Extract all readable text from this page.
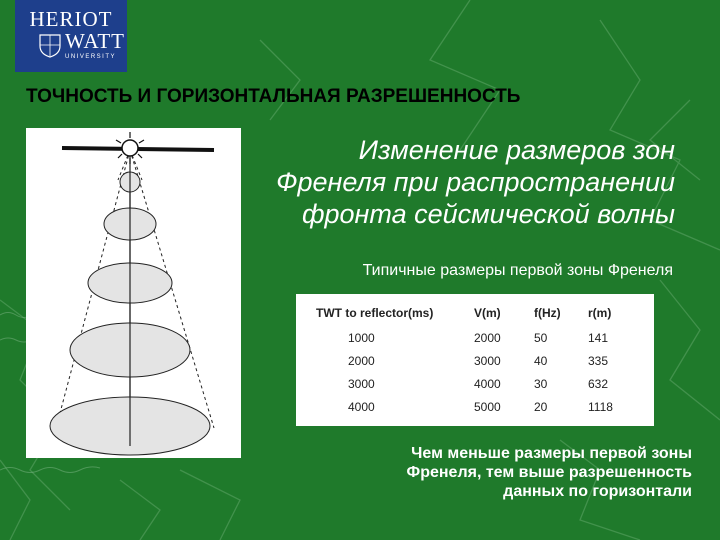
HERIOT
WATT
UNIVERSITY
ТОЧНОСТЬ И ГОРИЗОНТАЛЬНАЯ РАЗРЕШЕННОСТЬ
Изменение размеров зон
Френеля при распространении
фронта сейсмической волны
Типичные размеры первой зоны Френеля
TWT to reflector(ms)	V(m)	f(Hz)	r(m)
1000	2000	50	141
2000	3000	40	335
3000	4000	30	632
4000	5000	20	1118
Чем меньше размеры первой зоны
Френеля, тем выше разрешенность
данных по горизонтали
